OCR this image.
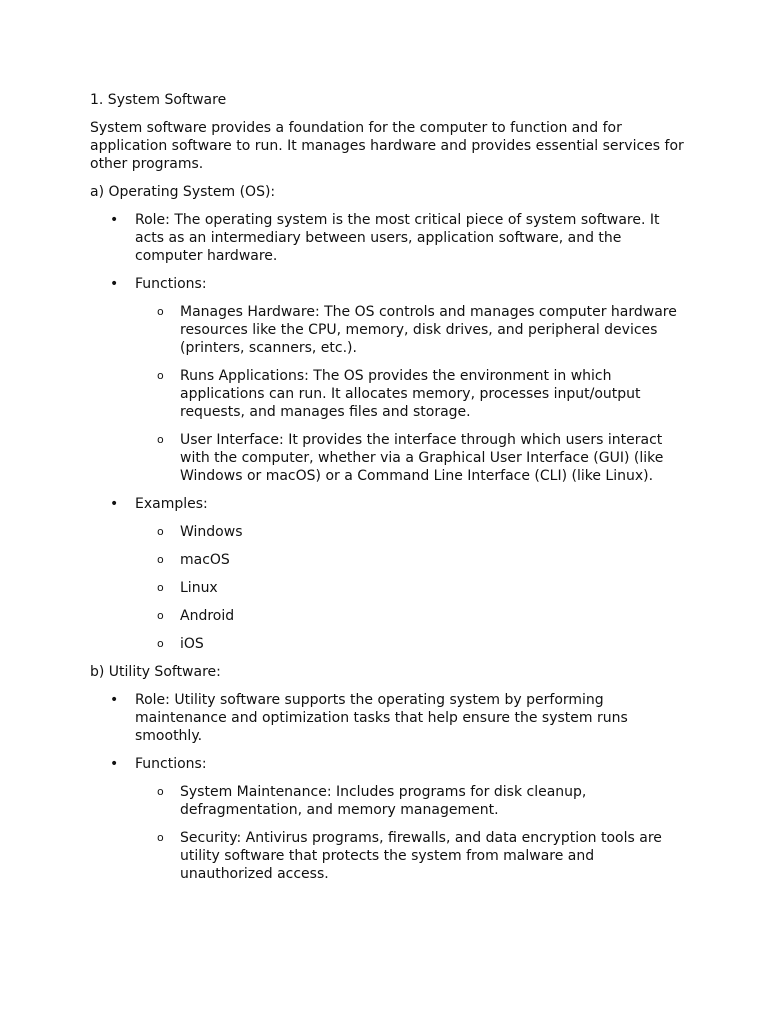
1. System Software

System software provides a foundation for the computer to function and for application software to run. It manages hardware and provides essential services for other programs.

a) Operating System (OS):

• Role: The operating system is the most critical piece of system software. It acts as an intermediary between users, application software, and the computer hardware.
• Functions:
o Manages Hardware: The OS controls and manages computer hardware resources like the CPU, memory, disk drives, and peripheral devices (printers, scanners, etc.).
o Runs Applications: The OS provides the environment in which applications can run. It allocates memory, processes input/output requests, and manages files and storage.
o User Interface: It provides the interface through which users interact with the computer, whether via a Graphical User Interface (GUI) (like Windows or macOS) or a Command Line Interface (CLI) (like Linux).
• Examples:
o Windows
o macOS
o Linux
o Android
o iOS

b) Utility Software:

• Role: Utility software supports the operating system by performing maintenance and optimization tasks that help ensure the system runs smoothly.
• Functions:
o System Maintenance: Includes programs for disk cleanup, defragmentation, and memory management.
o Security: Antivirus programs, firewalls, and data encryption tools are utility software that protects the system from malware and unauthorized access.
